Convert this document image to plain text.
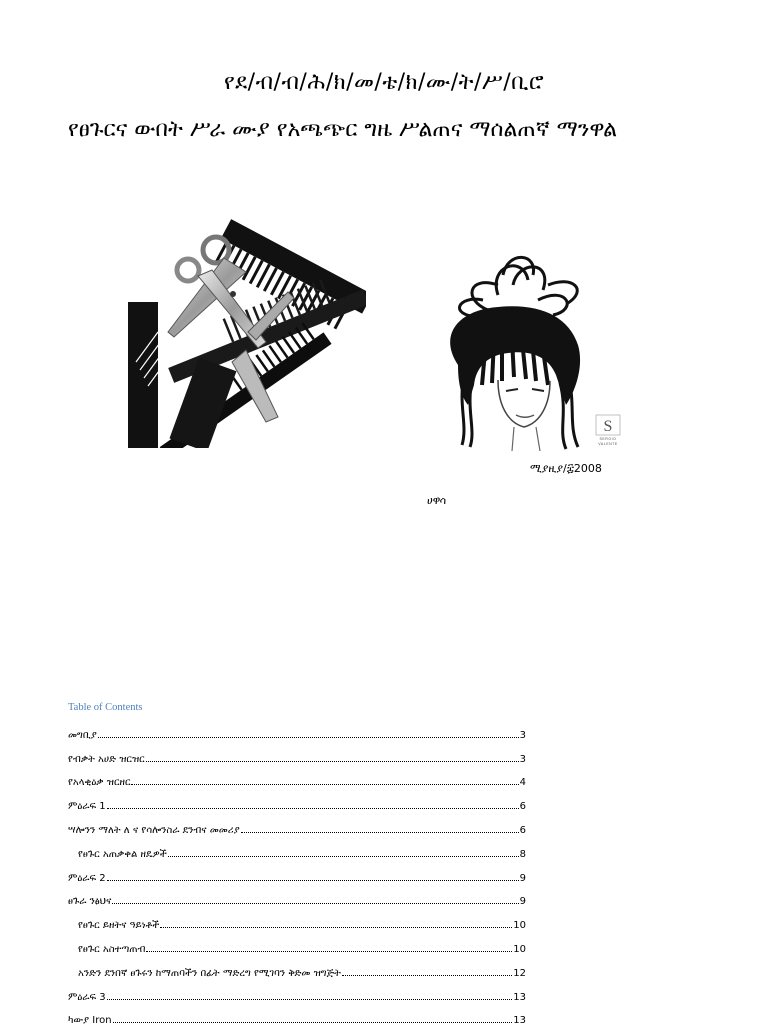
የደ/ብ/ብ/ሕ/ክ/መ/ቴ/ክ/ሙ/ት/ሥ/ቢሮ
የፀጉርና ውበት ሥራ ሙያ የአጫጭር ግዜ ሥልጠና ማሰልጠኛ ማንዋል
S
SERGIO
VALENTE
ሚያዚያ/፰2008
ሀዋሳ
Table of Contents
መግቢያ	3
የብቃት አሀድ ዝርዝር	3
የአላቂዕቃ ዝርዘር	4
ምዕራፍ 1	6
ሣሎንን ማለት ለ ና የሳሎንስራ ደንብና መመሪያ	6
የፀጉር አጠቃቀል ዘዴዎች	8
ምዕራፍ 2	9
ፀጉራ ንፅህና	9
የፀጉር ይዘትና ዓይነቶች	10
የፀጉር አስተጣጠብ	10
አንድን ደንበኛ ፀጉሩን ከማጠባችን በፊት ማድረግ የሚገባን ቅድመ ዝግጅት	12
ምዕራፍ 3	13
ካውያ Iron	13
